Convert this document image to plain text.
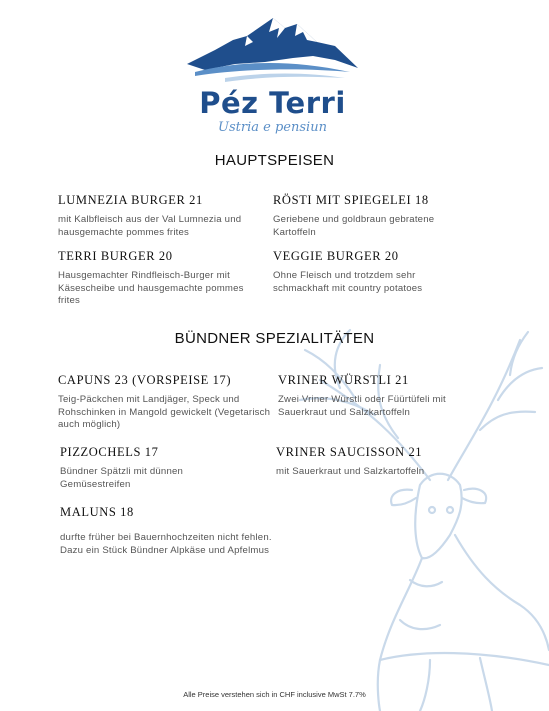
Péz Terri
Ustria e pensiun
HAUPTSPEISEN
LUMNEZIA BURGER 21
mit Kalbfleisch aus der Val Lumnezia und hausgemachte pommes frites
RÖSTI MIT SPIEGELEI 18
Geriebene und goldbraun gebratene Kartoffeln
TERRI BURGER 20
Hausgemachter Rindfleisch-Burger mit Käsescheibe und hausgemachte pommes frites
VEGGIE BURGER 20
Ohne Fleisch und trotzdem sehr schmackhaft mit country potatoes
BÜNDNER SPEZIALITÄTEN
CAPUNS 23 (VORSPEISE 17)
Teig-Päckchen mit Landjäger, Speck und Rohschinken in Mangold gewickelt (Vegetarisch auch möglich)
VRINER WÜRSTLI 21
Zwei Vriner Würstli oder Füürtüfeli mit Sauerkraut und Salzkartoffeln
PIZZOCHELS 17
Bündner Spätzli mit dünnen Gemüsestreifen
VRINER SAUCISSON 21
mit Sauerkraut und Salzkartoffeln
MALUNS 18
durfte früher bei Bauernhochzeiten nicht fehlen. Dazu ein Stück Bündner Alpkäse und Apfelmus
Alle Preise verstehen sich in CHF inclusive MwSt 7.7%
